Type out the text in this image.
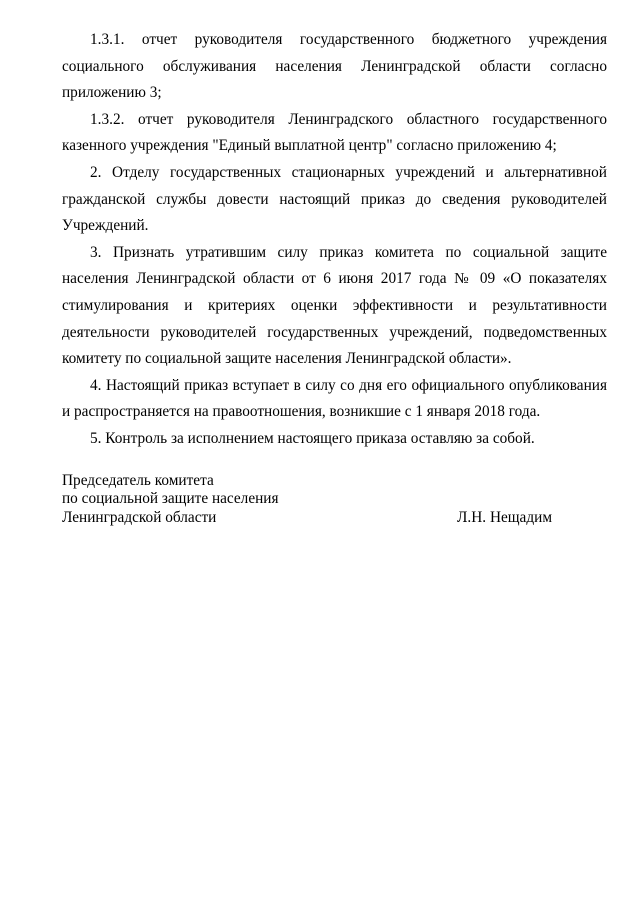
1.3.1. отчет руководителя государственного бюджетного учреждения социального обслуживания населения Ленинградской области согласно приложению 3;

1.3.2. отчет руководителя Ленинградского областного государственного казенного учреждения "Единый выплатной центр" согласно приложению 4;

2. Отделу государственных стационарных учреждений и альтернативной гражданской службы довести настоящий приказ до сведения руководителей Учреждений.

3. Признать утратившим силу приказ комитета по социальной защите населения Ленинградской области от 6 июня 2017 года № 09 «О показателях стимулирования и критериях оценки эффективности и результативности деятельности руководителей государственных учреждений, подведомственных комитету по социальной защите населения Ленинградской области».

4. Настоящий приказ вступает в силу со дня его официального опубликования и распространяется на правоотношения, возникшие с 1 января 2018 года.

5. Контроль за исполнением настоящего приказа оставляю за собой.

Председатель комитета

по социальной защите населения

Ленинградской области	Л.Н. Нещадим
